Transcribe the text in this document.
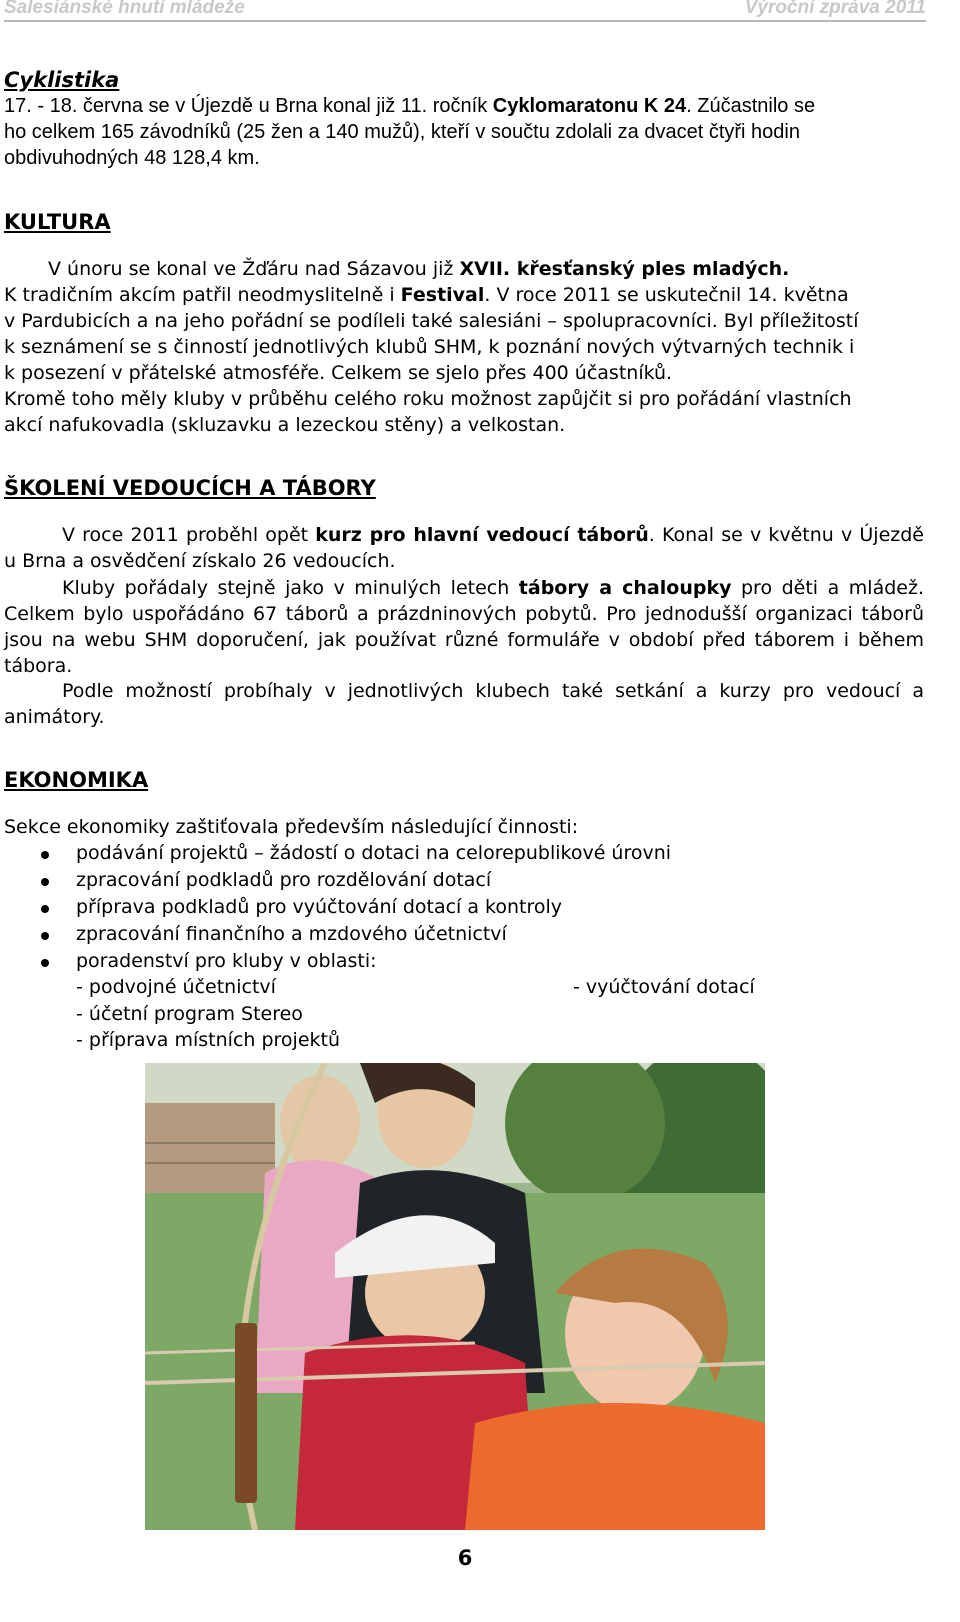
Salesiánské hnutí mládeže	Výroční zpráva 2011
Cyklistika
17. - 18. června se v Újezdě u Brna konal již 11. ročník Cyklomaratonu K 24. Zúčastnilo se
ho celkem 165 závodníků (25 žen a 140 mužů), kteří v součtu zdolali za dvacet čtyři hodin
obdivuhodných 48 128,4 km.
KULTURA
V únoru se konal ve Žďáru nad Sázavou již XVII. křesťanský ples mladých.
K tradičním akcím patřil neodmyslitelně i Festival. V roce 2011 se uskutečnil 14. května
v Pardubicích a na jeho pořádní se podíleli také salesiáni – spolupracovníci. Byl příležitostí
k seznámení se s činností jednotlivých klubů SHM, k poznání nových výtvarných technik i
k posezení v přátelské atmosféře. Celkem se sjelo přes 400 účastníků.
Kromě toho měly kluby v průběhu celého roku možnost zapůjčit si pro pořádání vlastních
akcí nafukovadla (skluzavku a lezeckou stěny) a velkostan.
ŠKOLENÍ VEDOUCÍCH A TÁBORY
V roce 2011 proběhl opět kurz pro hlavní vedoucí táborů. Konal se v květnu v Újezdě u Brna a osvědčení získalo 26 vedoucích.
Kluby pořádaly stejně jako v minulých letech tábory a chaloupky pro děti a mládež. Celkem bylo uspořádáno 67 táborů a prázdninových pobytů. Pro jednodušší organizaci táborů jsou na webu SHM doporučení, jak používat různé formuláře v období před táborem i během tábora.
Podle možností probíhaly v jednotlivých klubech také setkání a kurzy pro vedoucí a animátory.
EKONOMIKA
Sekce ekonomiky zaštiťovala především následující činnosti:
podávání projektů – žádostí o dotaci na celorepublikové úrovni
zpracování podkladů pro rozdělování dotací
příprava podkladů pro vyúčtování dotací a kontroly
zpracování finančního a mzdového účetnictví
poradenství pro kluby v oblasti:
- podvojné účetnictví	- vyúčtování dotací
- účetní program Stereo
- příprava místních projektů
6
